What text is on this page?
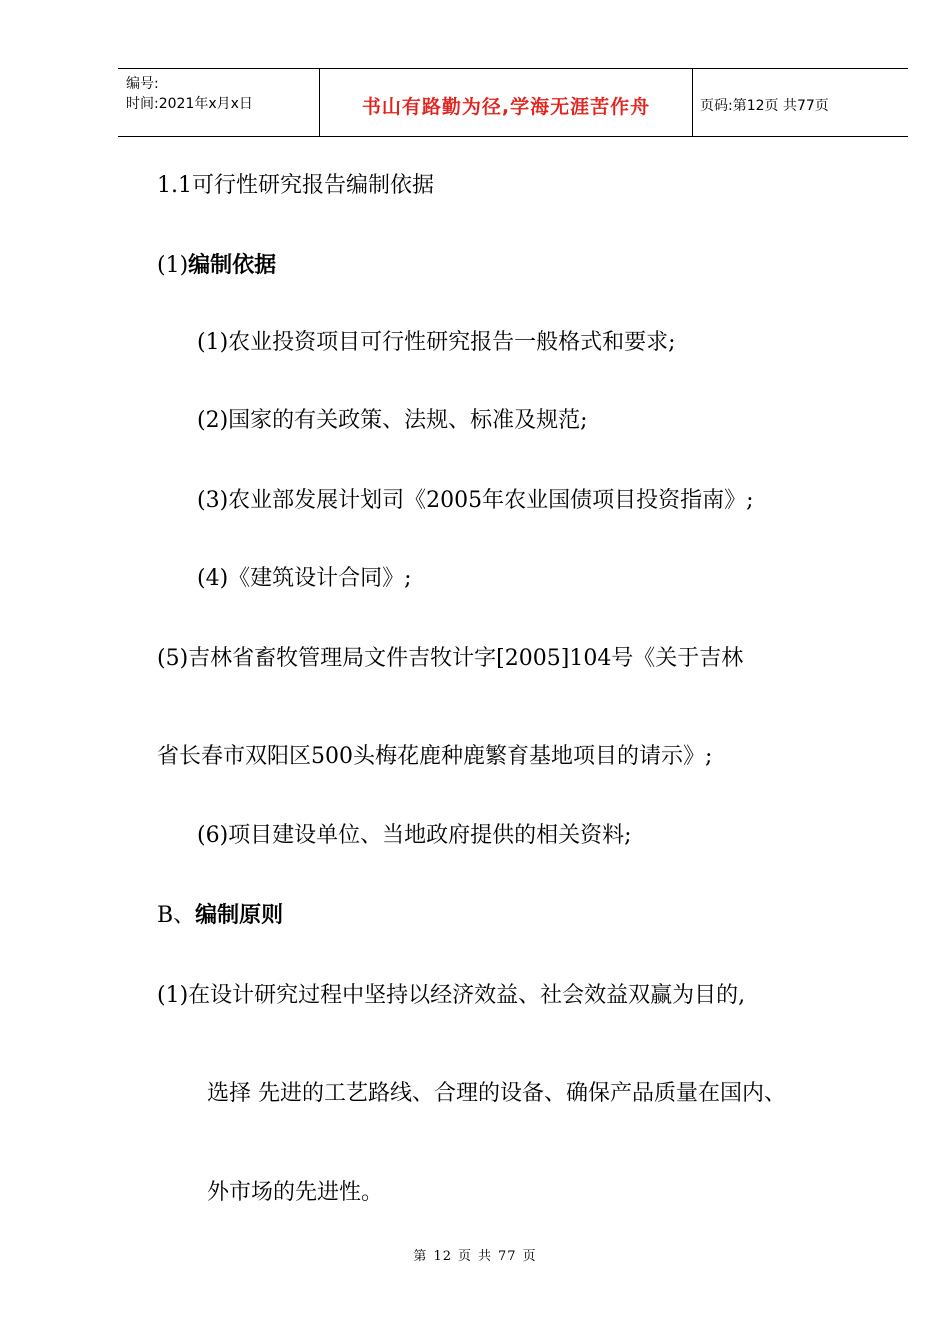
编号:
时间:2021年x月x日	书山有路勤为径,学海无涯苦作舟	页码:第12页 共77页
1.1可行性研究报告编制依据
(1)编制依据
(1)农业投资项目可行性研究报告一般格式和要求;
(2)国家的有关政策、法规、标准及规范;
(3)农业部发展计划司《2005年农业国债项目投资指南》;
(4)《建筑设计合同》;
(5)吉林省畜牧管理局文件吉牧计字[2005]104号《关于吉林
省长春市双阳区500头梅花鹿种鹿繁育基地项目的请示》;
(6)项目建设单位、当地政府提供的相关资料;
B、编制原则
(1)在设计研究过程中坚持以经济效益、社会效益双赢为目的,
选择 先进的工艺路线、合理的设备、确保产品质量在国内、
外市场的先进性。
第 12 页 共 77 页
